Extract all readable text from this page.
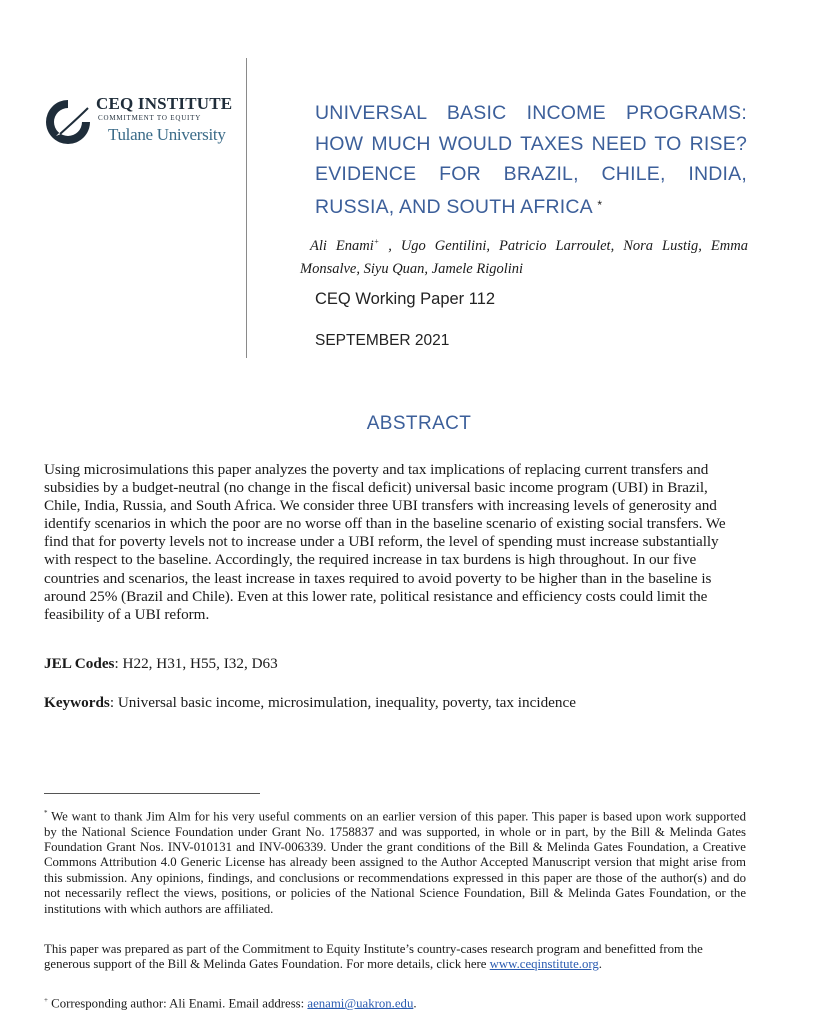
CEQ INSTITUTE
COMMITMENT TO EQUITY
Tulane University
UNIVERSAL BASIC INCOME PROGRAMS: HOW MUCH WOULD TAXES NEED TO RISE? EVIDENCE FOR BRAZIL, CHILE, INDIA, RUSSIA, AND SOUTH AFRICA *
Ali Enami+ , Ugo Gentilini, Patricio Larroulet, Nora Lustig, Emma Monsalve, Siyu Quan, Jamele Rigolini
CEQ Working Paper 112
SEPTEMBER 2021
ABSTRACT
Using microsimulations this paper analyzes the poverty and tax implications of replacing current transfers and subsidies by a budget-neutral (no change in the fiscal deficit) universal basic income program (UBI) in Brazil, Chile, India, Russia, and South Africa. We consider three UBI transfers with increasing levels of generosity and identify scenarios in which the poor are no worse off than in the baseline scenario of existing social transfers. We find that for poverty levels not to increase under a UBI reform, the level of spending must increase substantially with respect to the baseline. Accordingly, the required increase in tax burdens is high throughout. In our five countries and scenarios, the least increase in taxes required to avoid poverty to be higher than in the baseline is around 25% (Brazil and Chile). Even at this lower rate, political resistance and efficiency costs could limit the feasibility of a UBI reform.
JEL Codes: H22, H31, H55, I32, D63
Keywords: Universal basic income, microsimulation, inequality, poverty, tax incidence
* We want to thank Jim Alm for his very useful comments on an earlier version of this paper. This paper is based upon work supported by the National Science Foundation under Grant No. 1758837 and was supported, in whole or in part, by the Bill & Melinda Gates Foundation Grant Nos. INV-010131 and INV-006339. Under the grant conditions of the Bill & Melinda Gates Foundation, a Creative Commons Attribution 4.0 Generic License has already been assigned to the Author Accepted Manuscript version that might arise from this submission. Any opinions, findings, and conclusions or recommendations expressed in this paper are those of the author(s) and do not necessarily reflect the views, positions, or policies of the National Science Foundation, Bill & Melinda Gates Foundation, or the institutions with which authors are affiliated.
This paper was prepared as part of the Commitment to Equity Institute’s country-cases research program and benefitted from the generous support of the Bill & Melinda Gates Foundation. For more details, click here www.ceqinstitute.org.
+ Corresponding author: Ali Enami. Email address: aenami@uakron.edu.
